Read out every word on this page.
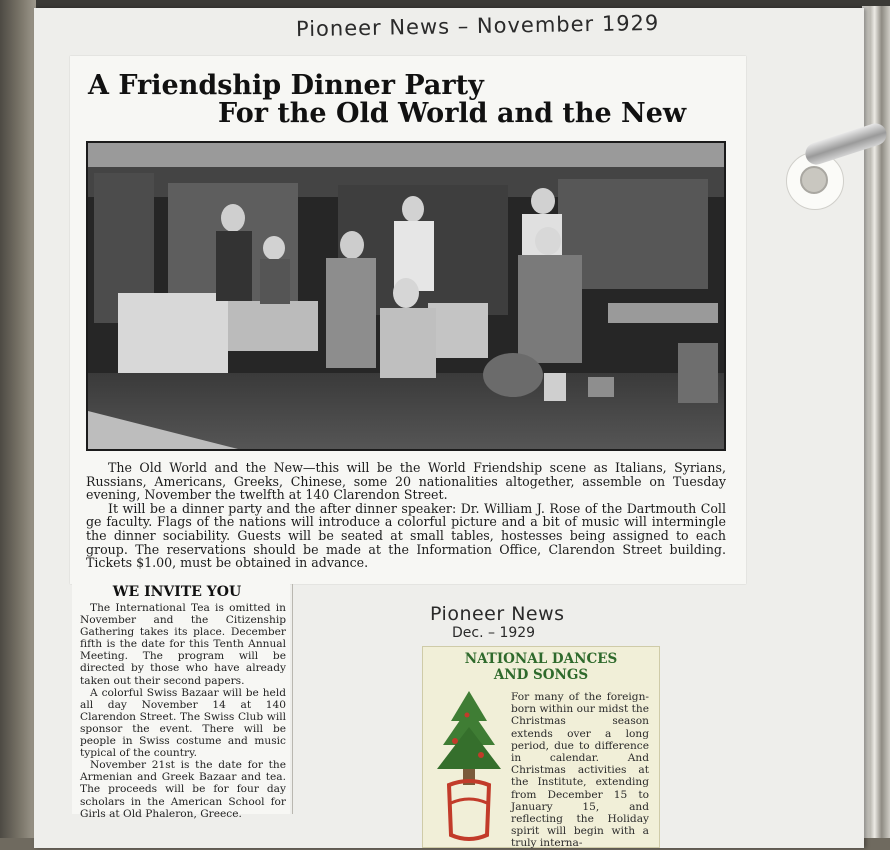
Pioneer News – November 1929
A Friendship Dinner Party
For the Old World and the New

The Old World and the New—this will be the World Friendship scene as Italians, Syrians, Russians, Americans, Greeks, Chinese, some 20 nationalities altogether, assemble on Tuesday evening, November the twelfth at 140 Clarendon Street.

It will be a dinner party and the after dinner speaker: Dr. William J. Rose of the Dartmouth Coll ge faculty. Flags of the nations will introduce a colorful picture and a bit of music will intermingle the dinner sociability. Guests will be seated at small tables, hostesses being assigned to each group. The reservations should be made at the Information Office, Clarendon Street building. Tickets $1.00, must be obtained in advance.

WE INVITE YOU

The International Tea is omitted in November and the Citizenship Gathering takes its place. December fifth is the date for this Tenth Annual Meeting. The program will be directed by those who have already taken out their second papers.

A colorful Swiss Bazaar will be held all day November 14 at 140 Clarendon Street. The Swiss Club will sponsor the event. There will be people in Swiss costume and music typical of the country.

November 21st is the date for the Armenian and Greek Bazaar and tea. The proceeds will be for four day scholars in the American School for Girls at Old Phaleron, Greece.

Pioneer News
Dec. – 1929
NATIONAL DANCES
AND SONGS
For many of the foreign-born within our midst the Christmas season extends over a long period, due to difference in calendar. And Christmas activities at the Institute, extending from December 15 to January 15, and reflecting the Holiday spirit will begin with a truly interna-
